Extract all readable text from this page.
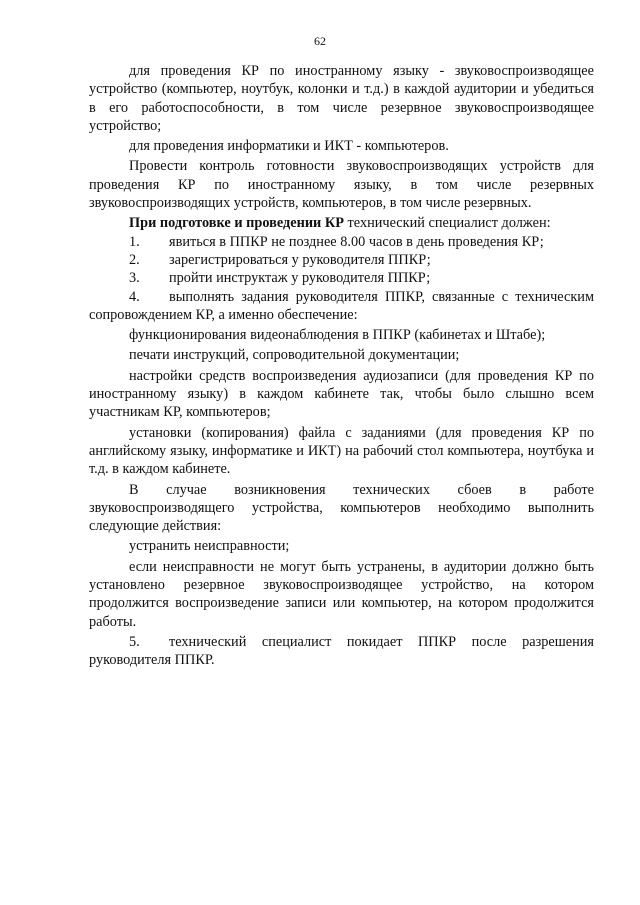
62

для проведения КР по иностранному языку - звуковоспроизводящее устройство (компьютер, ноутбук, колонки и т.д.) в каждой аудитории и убедиться в его работоспособности, в том числе резервное звуковоспроизводящее устройство;

для проведения информатики и ИКТ - компьютеров.

Провести контроль готовности звуковоспроизводящих устройств для проведения КР по иностранному языку, в том числе резервных звуковоспроизводящих устройств, компьютеров, в том числе резервных.

При подготовке и проведении КР технический специалист должен:

1. явиться в ППКР не позднее 8.00 часов в день проведения КР;

2. зарегистрироваться у руководителя ППКР;

3. пройти инструктаж у руководителя ППКР;

4. выполнять задания руководителя ППКР, связанные с техническим сопровождением КР, а именно обеспечение:

функционирования видеонаблюдения в ППКР (кабинетах и Штабе);

печати инструкций, сопроводительной документации;

настройки средств воспроизведения аудиозаписи (для проведения КР по иностранному языку) в каждом кабинете так, чтобы было слышно всем участникам КР, компьютеров;

установки (копирования) файла с заданиями (для проведения КР по английскому языку, информатике и ИКТ) на рабочий стол компьютера, ноутбука и т.д. в каждом кабинете.

В случае возникновения технических сбоев в работе звуковоспроизводящего устройства, компьютеров необходимо выполнить следующие действия:

устранить неисправности;

если неисправности не могут быть устранены, в аудитории должно быть установлено резервное звуковоспроизводящее устройство, на котором продолжится воспроизведение записи или компьютер, на котором продолжится работы.

5. технический специалист покидает ППКР после разрешения руководителя ППКР.
